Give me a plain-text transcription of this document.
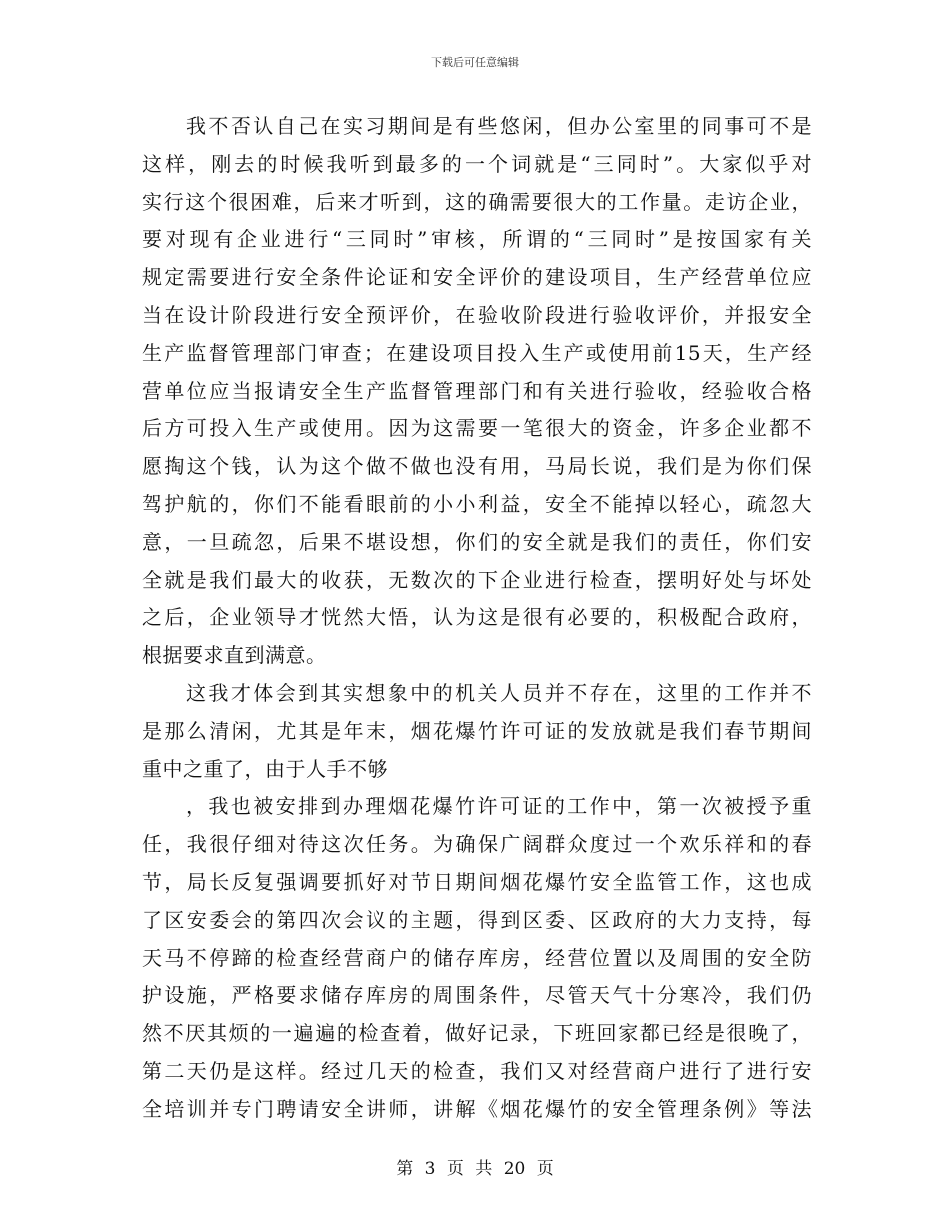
下载后可任意编辑
我不否认自己在实习期间是有些悠闲，但办公室里的同事可不是
这样，刚去的时候我听到最多的一个词就是“三同时”。大家似乎对
实行这个很困难，后来才听到，这的确需要很大的工作量。走访企业，
要对现有企业进行“三同时”审核，所谓的“三同时”是按国家有关
规定需要进行安全条件论证和安全评价的建设项目，生产经营单位应
当在设计阶段进行安全预评价，在验收阶段进行验收评价，并报安全
生产监督管理部门审查；在建设项目投入生产或使用前15天，生产经
营单位应当报请安全生产监督管理部门和有关进行验收，经验收合格
后方可投入生产或使用。因为这需要一笔很大的资金，许多企业都不
愿掏这个钱，认为这个做不做也没有用，马局长说，我们是为你们保
驾护航的，你们不能看眼前的小小利益，安全不能掉以轻心，疏忽大
意，一旦疏忽，后果不堪设想，你们的安全就是我们的责任，你们安
全就是我们最大的收获，无数次的下企业进行检查，摆明好处与坏处
之后，企业领导才恍然大悟，认为这是很有必要的，积极配合政府，
根据要求直到满意。
这我才体会到其实想象中的机关人员并不存在，这里的工作并不
是那么清闲，尤其是年末，烟花爆竹许可证的发放就是我们春节期间
重中之重了，由于人手不够
，我也被安排到办理烟花爆竹许可证的工作中，第一次被授予重
任，我很仔细对待这次任务。为确保广阔群众度过一个欢乐祥和的春
节，局长反复强调要抓好对节日期间烟花爆竹安全监管工作，这也成
了区安委会的第四次会议的主题，得到区委、区政府的大力支持，每
天马不停蹄的检查经营商户的储存库房，经营位置以及周围的安全防
护设施，严格要求储存库房的周围条件，尽管天气十分寒冷，我们仍
然不厌其烦的一遍遍的检查着，做好记录，下班回家都已经是很晚了，
第二天仍是这样。经过几天的检查，我们又对经营商户进行了进行安
全培训并专门聘请安全讲师，讲解《烟花爆竹的安全管理条例》等法
第 3 页 共 20 页
